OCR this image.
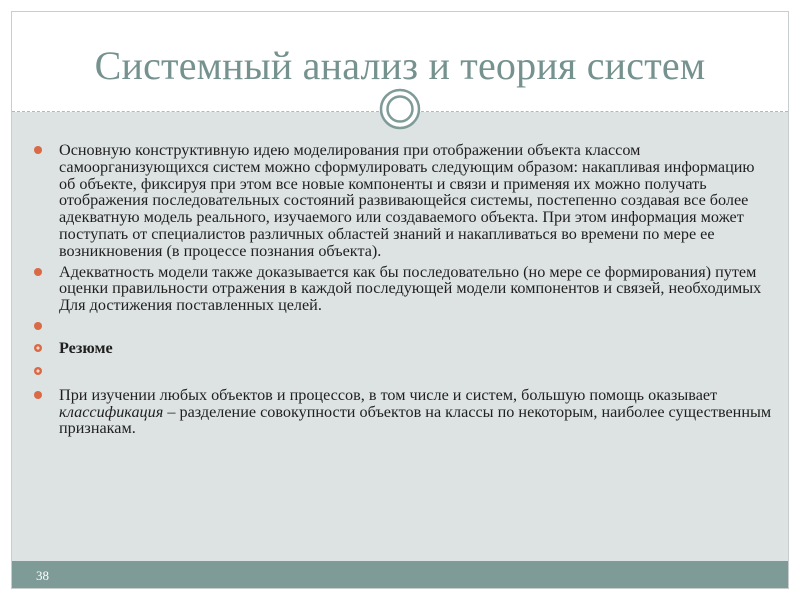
Системный анализ и теория систем
Основную конструктивную идею моделирования при отображении объекта классом самоорганизующихся систем можно сформулировать следующим образом: накапливая информацию об объекте, фиксируя при этом все новые компоненты и связи и применяя их можно получать отображения последовательных состояний развивающейся системы, постепенно создавая все более адекватную модель реального, изучаемого или создаваемого объекта. При этом информация может поступать от специалистов различных областей знаний и накапливаться во времени по мере ее возникновения (в процессе познания объекта).
Адекватность модели также доказывается как бы последовательно (но мере се формирования) путем оценки правильности отражения в каждой последующей модели компонентов и связей, необходимых Для достижения поставленных целей.
Резюме
При изучении любых объектов и процессов, в том числе и систем, большую помощь оказывает классификация – разделение совокупности объектов на классы по некоторым, наиболее существенным признакам.
38
